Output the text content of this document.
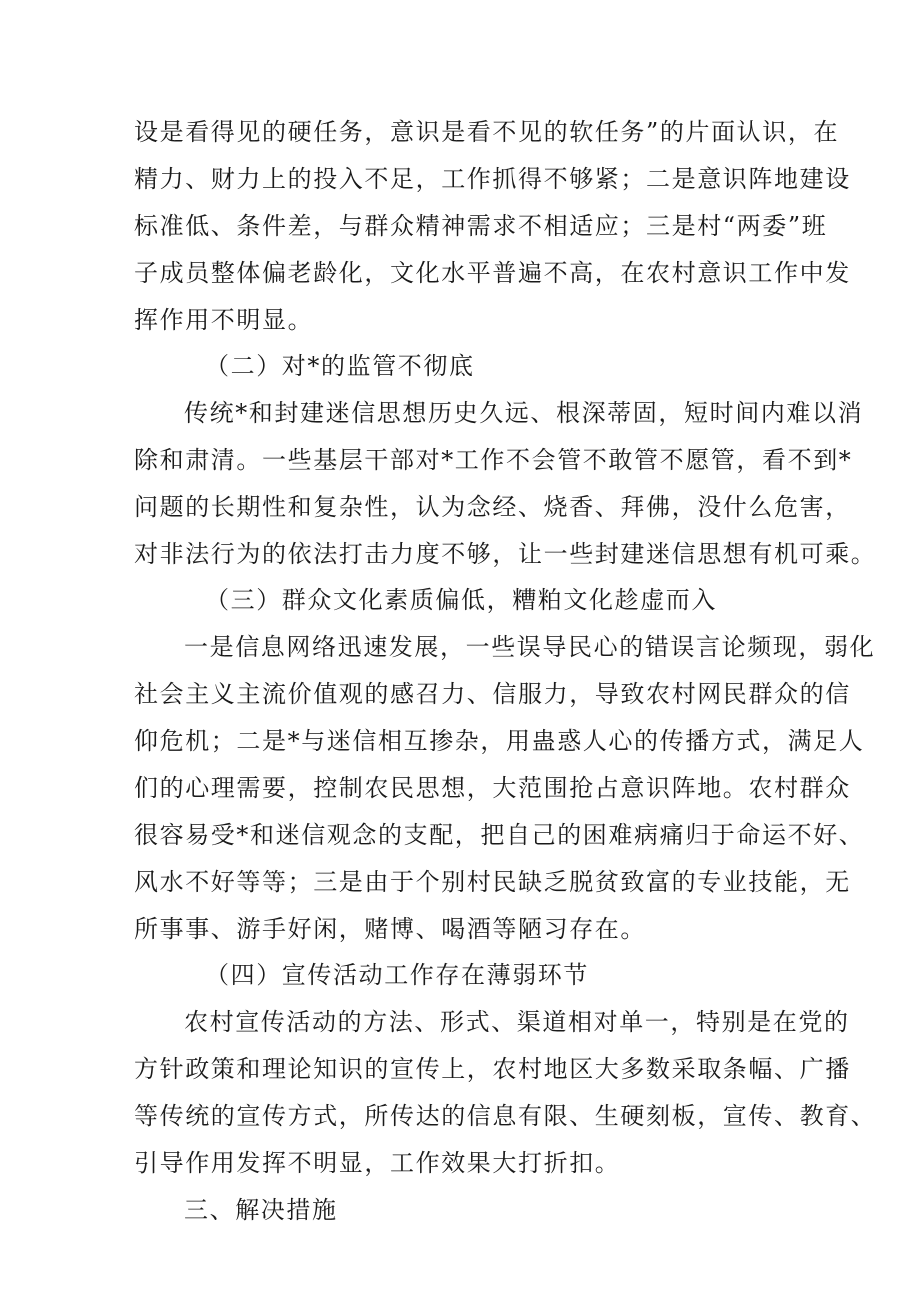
设是看得见的硬任务，意识是看不见的软任务”的片面认识，在
精力、财力上的投入不足，工作抓得不够紧；二是意识阵地建设
标准低、条件差，与群众精神需求不相适应；三是村“两委”班
子成员整体偏老龄化，文化水平普遍不高，在农村意识工作中发
挥作用不明显。
（二）对*的监管不彻底
传统*和封建迷信思想历史久远、根深蒂固，短时间内难以消
除和肃清。一些基层干部对*工作不会管不敢管不愿管，看不到*
问题的长期性和复杂性，认为念经、烧香、拜佛，没什么危害，
对非法行为的依法打击力度不够，让一些封建迷信思想有机可乘。
（三）群众文化素质偏低，糟粕文化趁虚而入
一是信息网络迅速发展，一些误导民心的错误言论频现，弱化
社会主义主流价值观的感召力、信服力，导致农村网民群众的信
仰危机；二是*与迷信相互掺杂，用蛊惑人心的传播方式，满足人
们的心理需要，控制农民思想，大范围抢占意识阵地。农村群众
很容易受*和迷信观念的支配，把自己的困难病痛归于命运不好、
风水不好等等；三是由于个别村民缺乏脱贫致富的专业技能，无
所事事、游手好闲，赌博、喝酒等陋习存在。
（四）宣传活动工作存在薄弱环节
农村宣传活动的方法、形式、渠道相对单一，特别是在党的
方针政策和理论知识的宣传上，农村地区大多数采取条幅、广播
等传统的宣传方式，所传达的信息有限、生硬刻板，宣传、教育、
引导作用发挥不明显，工作效果大打折扣。
三、解决措施
